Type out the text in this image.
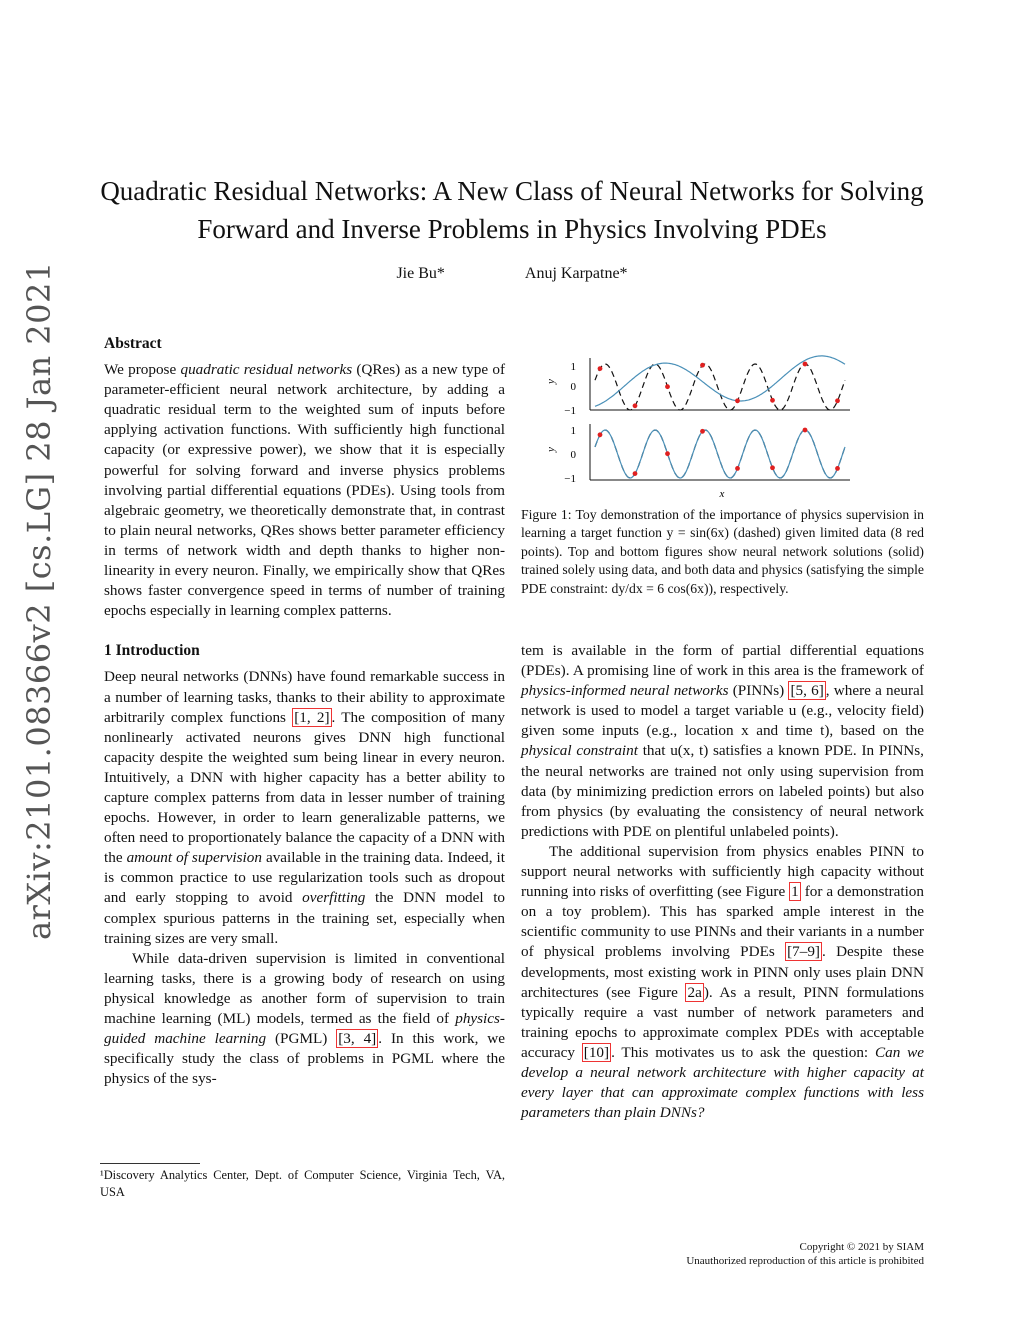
arXiv:2101.08366v2 [cs.LG] 28 Jan 2021
Quadratic Residual Networks: A New Class of Neural Networks for Solving Forward and Inverse Problems in Physics Involving PDEs
Jie Bu*	Anuj Karpatne*
Abstract

We propose quadratic residual networks (QRes) as a new type of parameter-efficient neural network architecture, by adding a quadratic residual term to the weighted sum of inputs before applying activation functions. With sufficiently high functional capacity (or expressive power), we show that it is especially powerful for solving forward and inverse physics problems involving partial differential equations (PDEs). Using tools from algebraic geometry, we theoretically demonstrate that, in contrast to plain neural networks, QRes shows better parameter efficiency in terms of network width and depth thanks to higher non-linearity in every neuron. Finally, we empirically show that QRes shows faster convergence speed in terms of number of training epochs especially in learning complex patterns.

1 Introduction

Deep neural networks (DNNs) have found remarkable success in a number of learning tasks, thanks to their ability to approximate arbitrarily complex functions [1, 2] . The composition of many nonlinearly activated neurons gives DNN high functional capacity despite the weighted sum being linear in every neuron. Intuitively, a DNN with higher capacity has a better ability to capture complex patterns from data in lesser number of training epochs. However, in order to learn generalizable patterns, we often need to proportionately balance the capacity of a DNN with the amount of supervision available in the training data. Indeed, it is common practice to use regularization tools such as dropout and early stopping to avoid overfitting the DNN model to complex spurious patterns in the training set, especially when training sizes are very small.

While data-driven supervision is limited in conventional learning tasks, there is a growing body of research on using physical knowledge as another form of supervision to train machine learning (ML) models, termed as the field of physics-guided machine learning (PGML) [3, 4] . In this work, we specifically study the class of problems in PGML where the physics of the sys-

¹Discovery Analytics Center, Dept. of Computer Science, Virginia Tech, VA, USA
1
0
−1
y
1
0
−1
y
x
Figure 1: Toy demonstration of the importance of physics supervision in learning a target function y = sin(6x) (dashed) given limited data (8 red points). Top and bottom figures show neural network solutions (solid) trained solely using data, and both data and physics (satisfying the simple PDE constraint: dy/dx = 6 cos(6x)), respectively.

tem is available in the form of partial differential equations (PDEs). A promising line of work in this area is the framework of physics-informed neural networks (PINNs) [5, 6] , where a neural network is used to model a target variable u (e.g., velocity field) given some inputs (e.g., location x and time t), based on the physical constraint that u(x, t) satisfies a known PDE. In PINNs, the neural networks are trained not only using supervision from data (by minimizing prediction errors on labeled points) but also from physics (by evaluating the consistency of neural network predictions with PDE on plentiful unlabeled points).

The additional supervision from physics enables PINN to support neural networks with sufficiently high capacity without running into risks of overfitting (see Figure 1 for a demonstration on a toy problem). This has sparked ample interest in the scientific community to use PINNs and their variants in a number of physical problems involving PDEs [7–9] . Despite these developments, most existing work in PINN only uses plain DNN architectures (see Figure 2a ). As a result, PINN formulations typically require a vast number of network parameters and training epochs to approximate complex PDEs with acceptable accuracy [10] . This motivates us to ask the question: Can we develop a neural network architecture with higher capacity at every layer that can approximate complex functions with less parameters than plain DNNs?

Copyright © 2021 by SIAM
Unauthorized reproduction of this article is prohibited
